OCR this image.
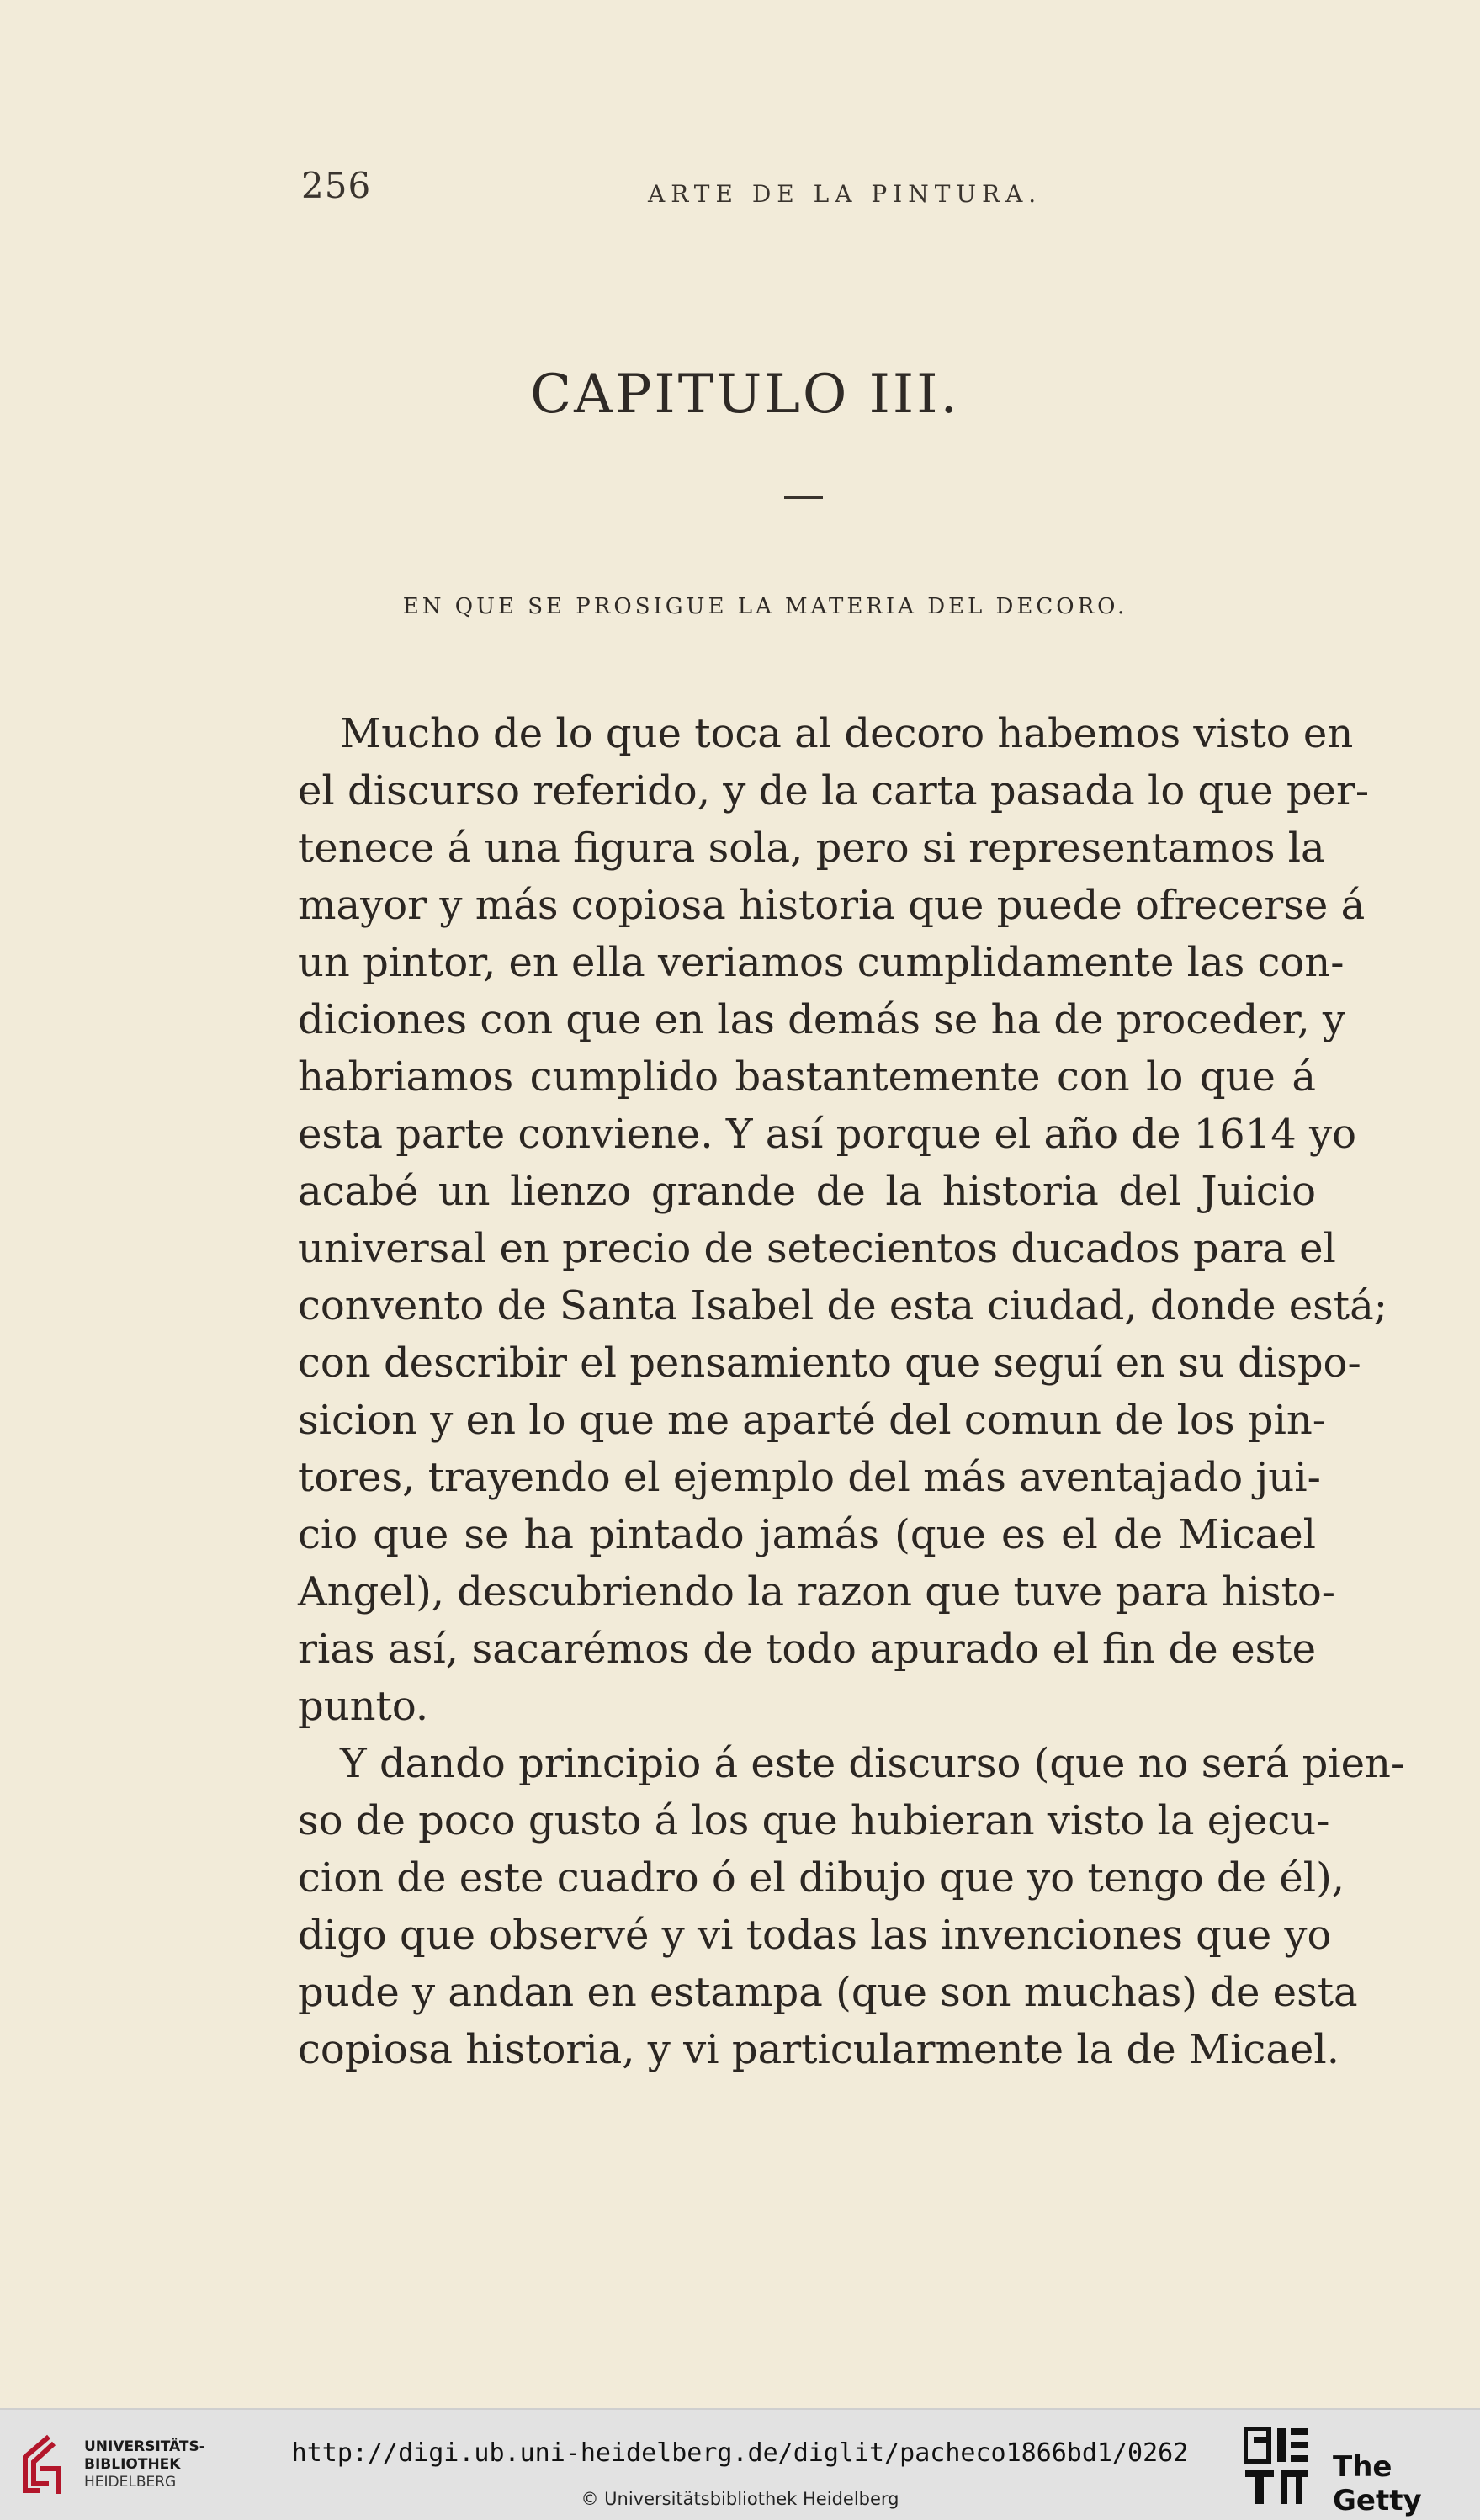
256	ARTE DE LA PINTURA.
CAPITULO III.
EN QUE SE PROSIGUE LA MATERIA DEL DECORO.
Mucho de lo que toca al decoro habemos visto en
el discurso referido, y de la carta pasada lo que per-
tenece á una figura sola, pero si representamos la
mayor y más copiosa historia que puede ofrecerse á
un pintor, en ella veriamos cumplidamente las con-
diciones con que en las demás se ha de proceder, y
habriamos cumplido bastantemente con lo que á
esta parte conviene. Y así porque el año de 1614 yo
acabé un lienzo grande de la historia del Juicio
universal en precio de setecientos ducados para el
convento de Santa Isabel de esta ciudad, donde está;
con describir el pensamiento que seguí en su dispo-
sicion y en lo que me aparté del comun de los pin-
tores, trayendo el ejemplo del más aventajado jui-
cio que se ha pintado jamás (que es el de Micael
Angel), descubriendo la razon que tuve para histo-
rias así, sacarémos de todo apurado el fin de este
punto.
Y dando principio á este discurso (que no será pien-
so de poco gusto á los que hubieran visto la ejecu-
cion de este cuadro ó el dibujo que yo tengo de él),
digo que observé y vi todas las invenciones que yo
pude y andan en estampa (que son muchas) de esta
copiosa historia, y vi particularmente la de Micael.
UNIVERSITÄTS-
BIBLIOTHEK
HEIDELBERG
http://digi.ub.uni-heidelberg.de/diglit/pacheco1866bd1/0262
© Universitätsbibliothek Heidelberg
The Getty
